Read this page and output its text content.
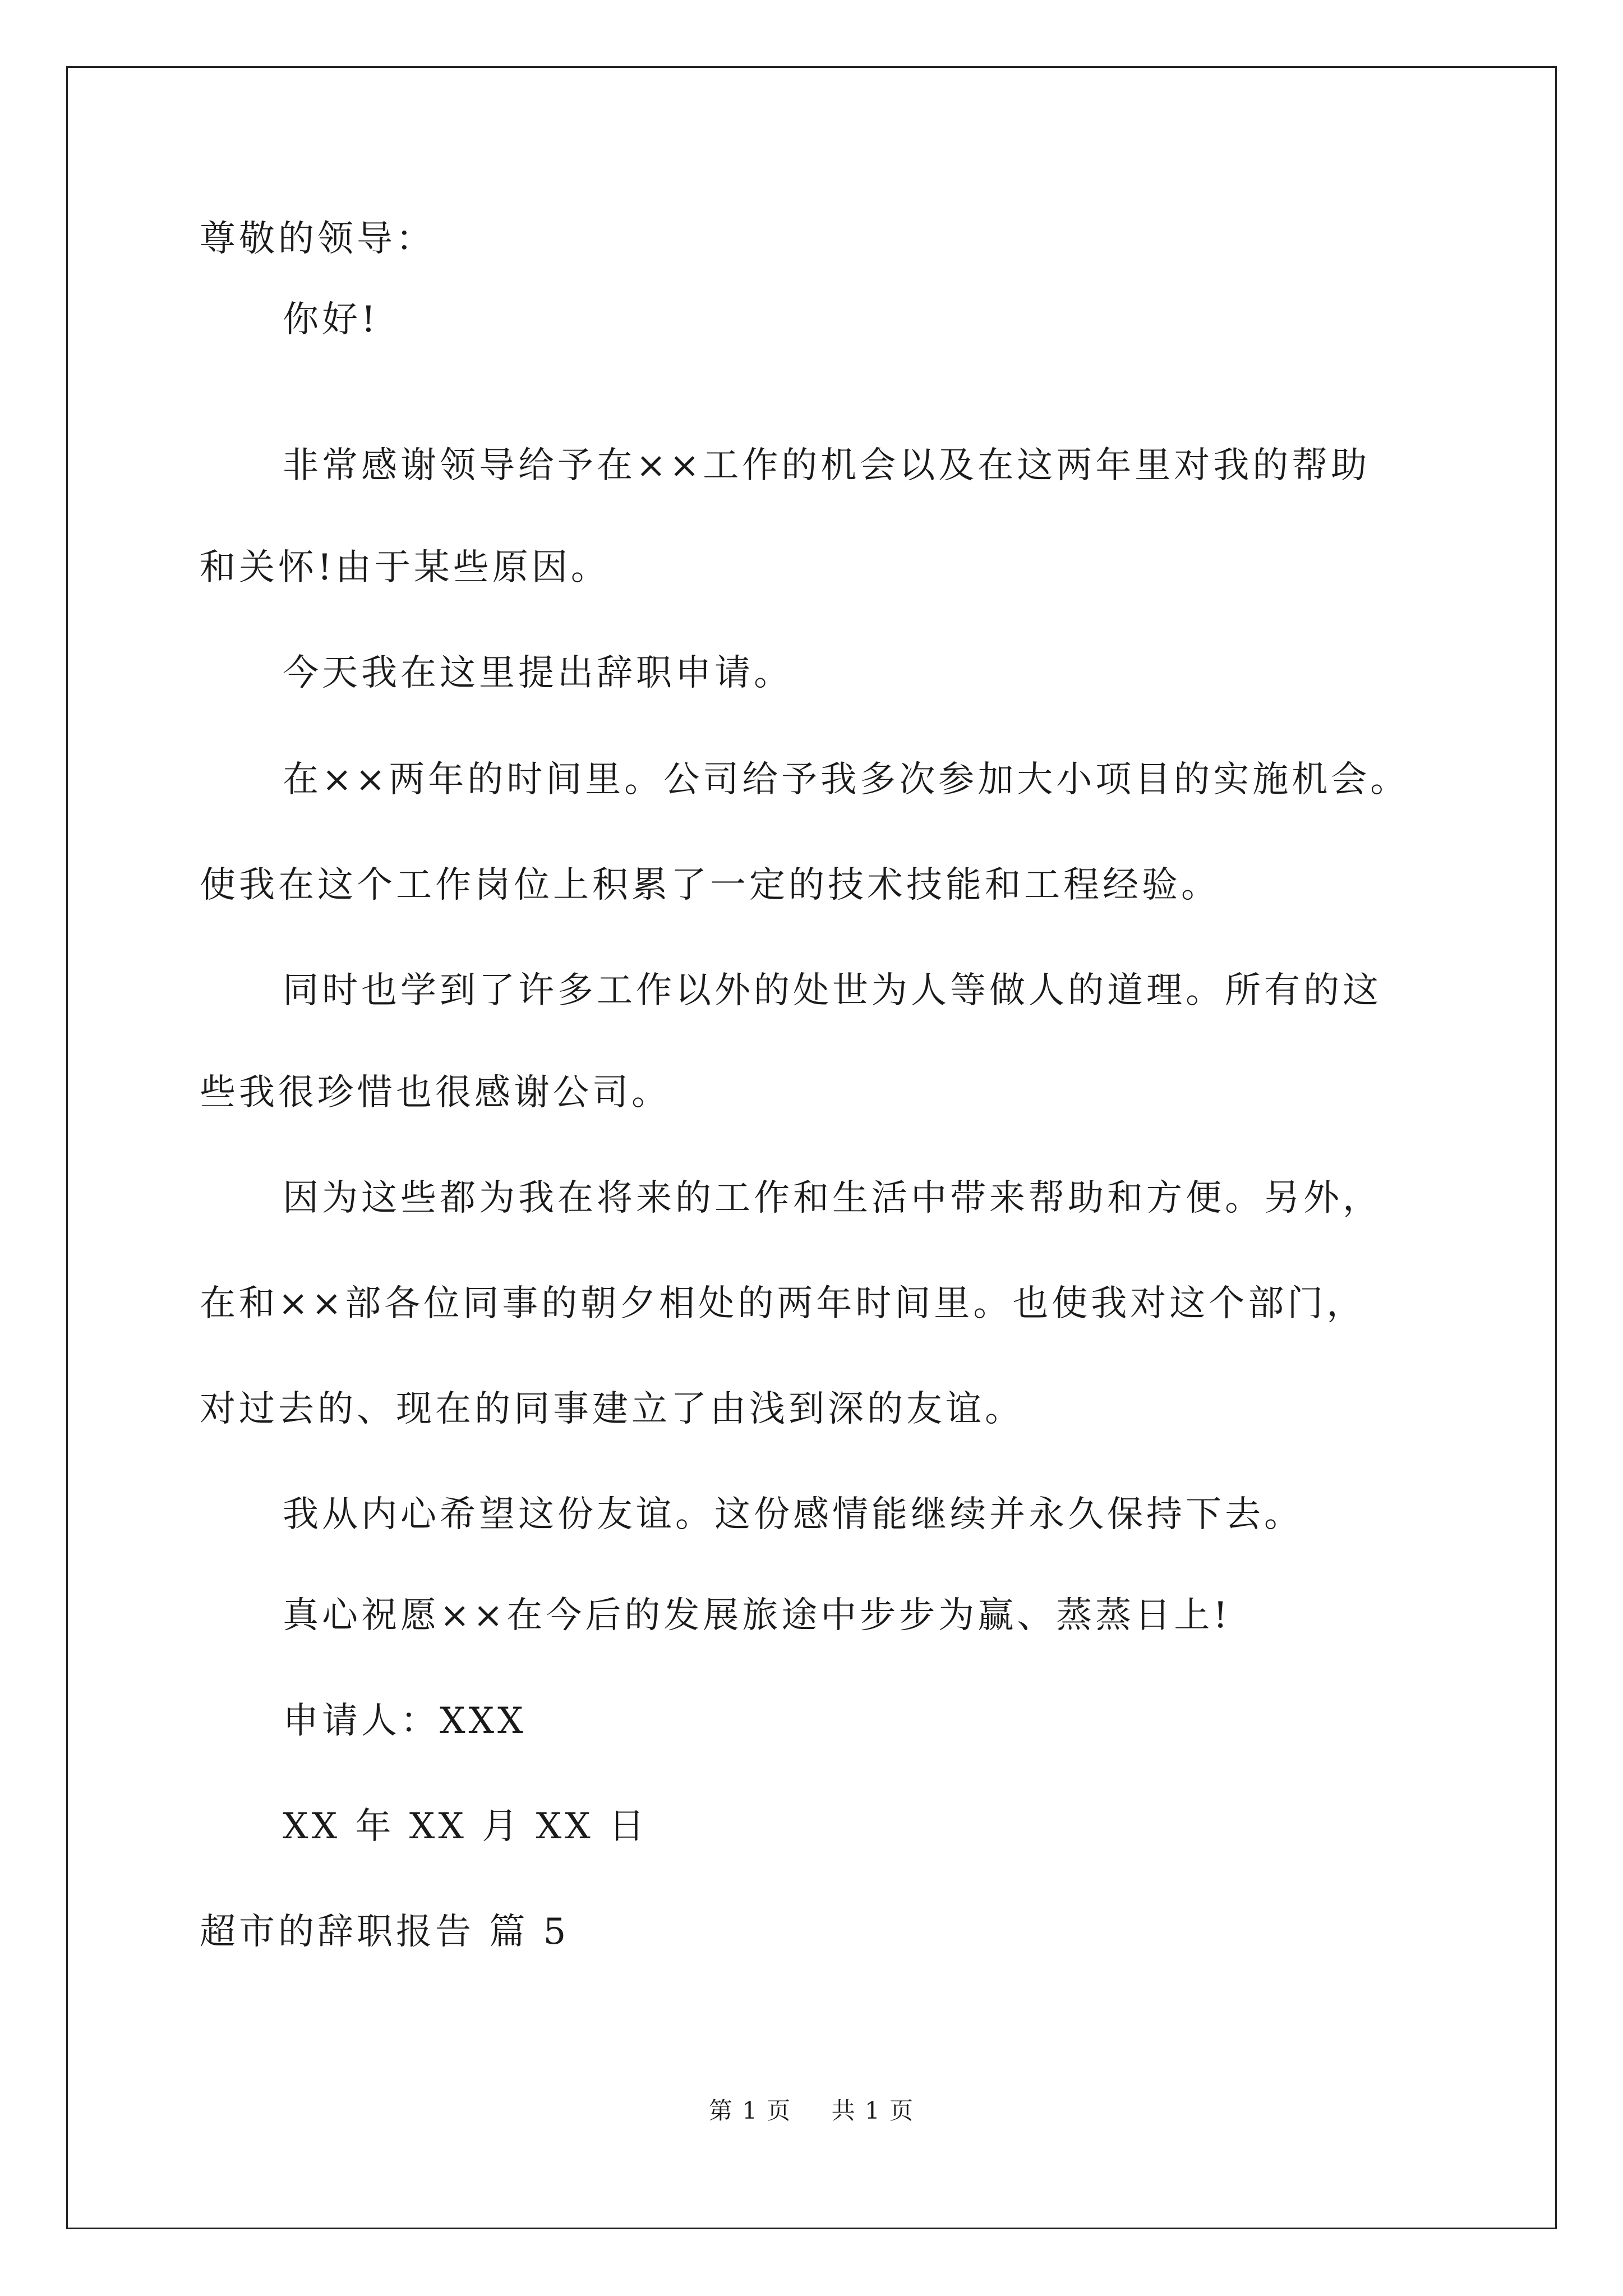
尊敬的领导：
你好!
非常感谢领导给予在××工作的机会以及在这两年里对我的帮助
和关怀!由于某些原因。
今天我在这里提出辞职申请。
在××两年的时间里。公司给予我多次参加大小项目的实施机会。
使我在这个工作岗位上积累了一定的技术技能和工程经验。
同时也学到了许多工作以外的处世为人等做人的道理。所有的这
些我很珍惜也很感谢公司。
因为这些都为我在将来的工作和生活中带来帮助和方便。另外，
在和××部各位同事的朝夕相处的两年时间里。也使我对这个部门，
对过去的、现在的同事建立了由浅到深的友谊。
我从内心希望这份友谊。这份感情能继续并永久保持下去。
真心祝愿××在今后的发展旅途中步步为赢、蒸蒸日上!
申请人：XXX
XX 年 XX 月 XX 日
超市的辞职报告 篇 5
第 1 页 共 1 页
